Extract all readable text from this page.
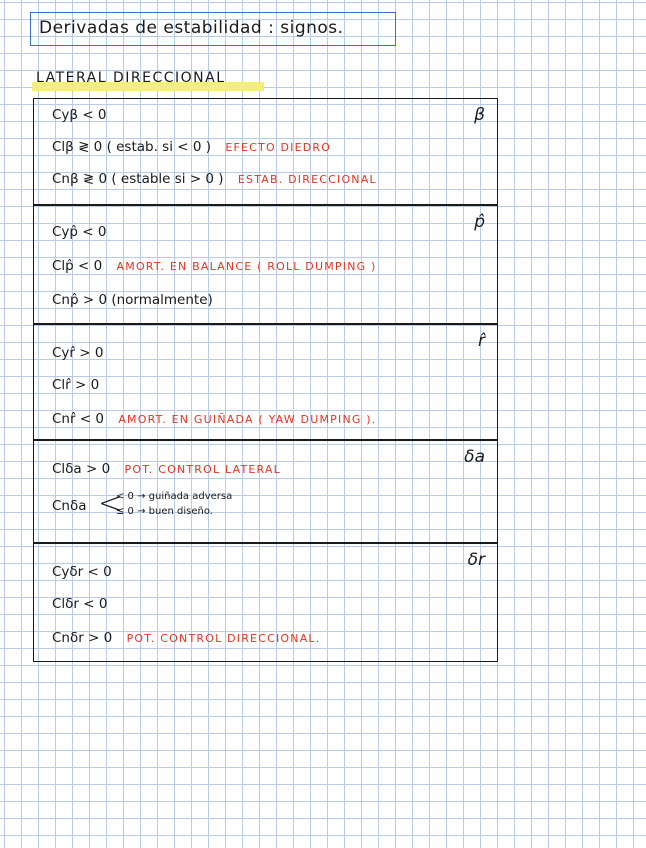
Derivadas de estabilidad : signos.
LATERAL DIRECCIONAL
β
Cyβ < 0
Clβ ≷ 0 ( estab. si < 0 ) EFECTO DIEDRO
Cnβ ≷ 0 ( estable si > 0 ) ESTAB. DIRECCIONAL
p̂
Cyp̂ < 0
Clp̂ < 0 AMORT. EN BALANCE ( ROLL DUMPING )
Cnp̂ > 0 (normalmente)
r̂
Cyr̂ > 0
Clr̂ > 0
Cnr̂ < 0 AMORT. EN GUIÑADA ( YAW DUMPING ).
δa
Clδa > 0 POT. CONTROL LATERAL
Cnδa <
< 0 → guiñada adversa
≤ 0 → buen diseño.
δr
Cyδr < 0
Clδr < 0
Cnδr > 0 POT. CONTROL DIRECCIONAL.
